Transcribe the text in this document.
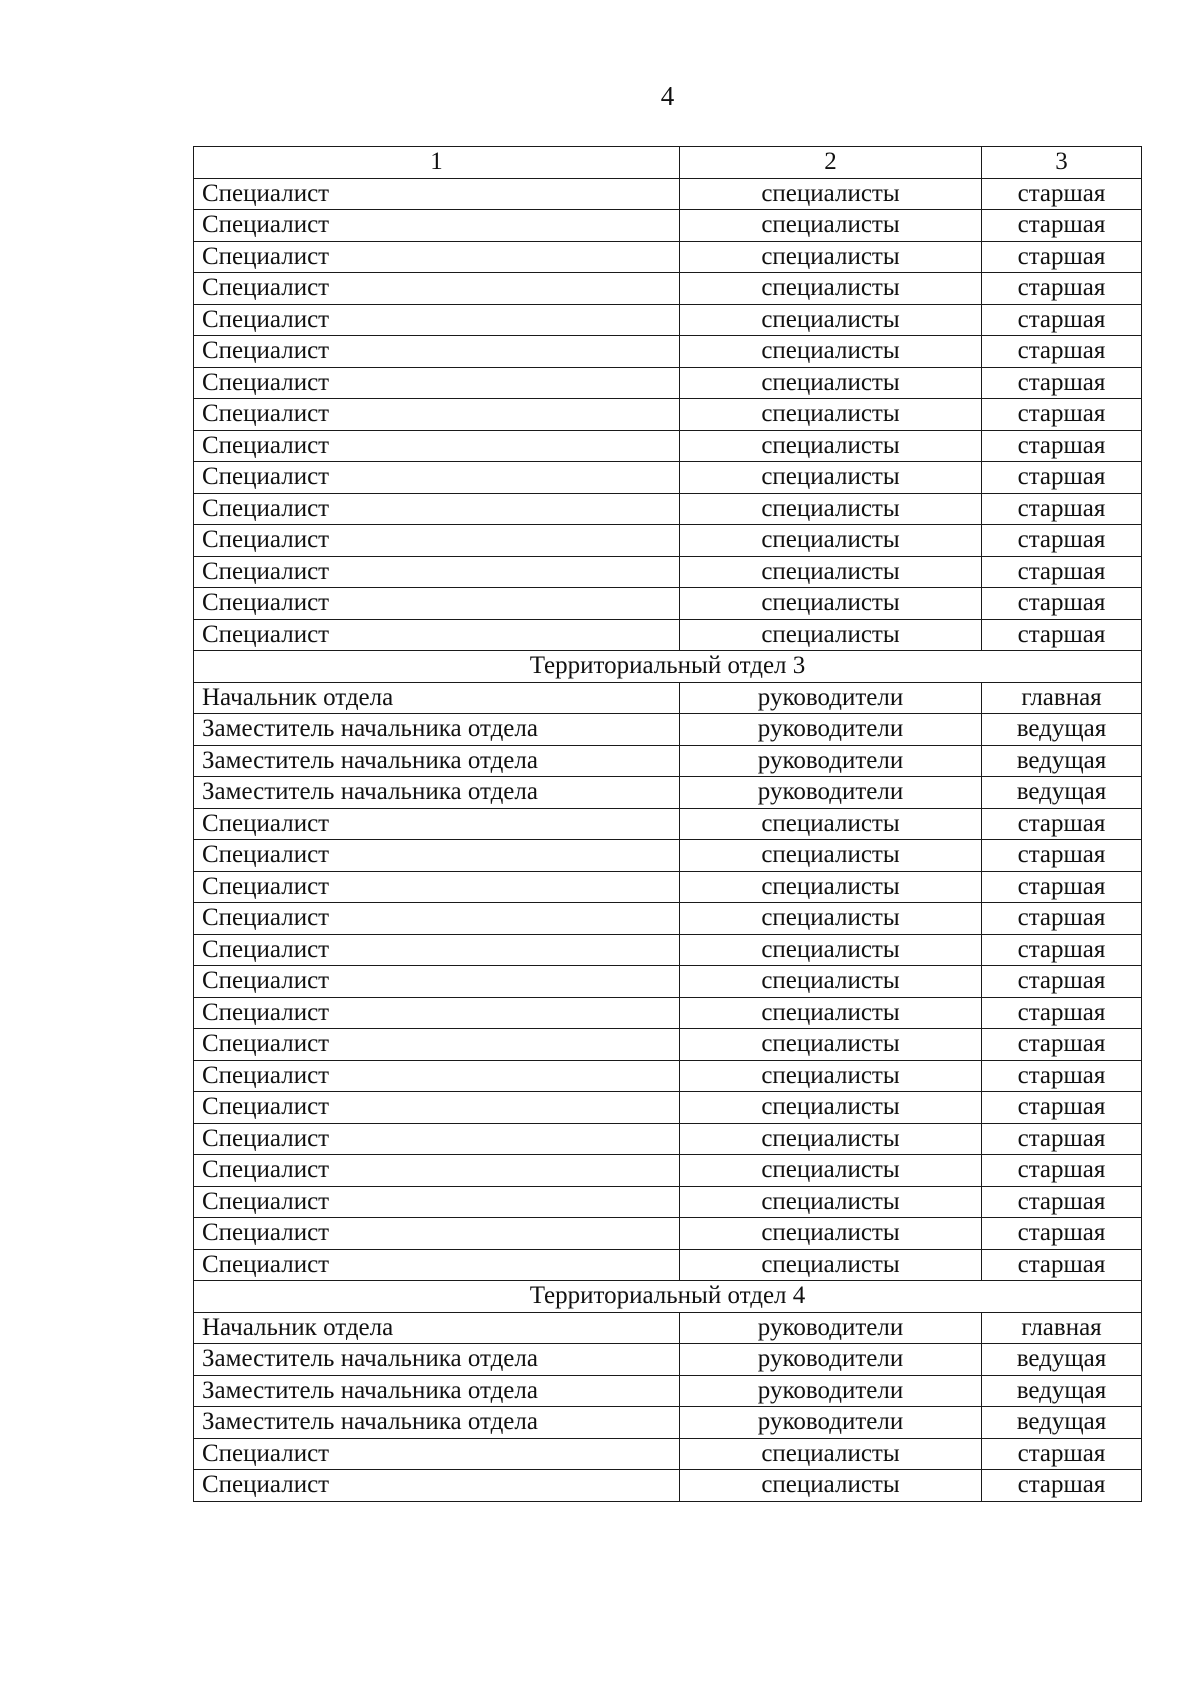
4
1	2	3
Специалист	специалисты	старшая
Специалист	специалисты	старшая
Специалист	специалисты	старшая
Специалист	специалисты	старшая
Специалист	специалисты	старшая
Специалист	специалисты	старшая
Специалист	специалисты	старшая
Специалист	специалисты	старшая
Специалист	специалисты	старшая
Специалист	специалисты	старшая
Специалист	специалисты	старшая
Специалист	специалисты	старшая
Специалист	специалисты	старшая
Специалист	специалисты	старшая
Специалист	специалисты	старшая
Территориальный отдел 3		
Начальник отдела	руководители	главная
Заместитель начальника отдела	руководители	ведущая
Заместитель начальника отдела	руководители	ведущая
Заместитель начальника отдела	руководители	ведущая
Специалист	специалисты	старшая
Специалист	специалисты	старшая
Специалист	специалисты	старшая
Специалист	специалисты	старшая
Специалист	специалисты	старшая
Специалист	специалисты	старшая
Специалист	специалисты	старшая
Специалист	специалисты	старшая
Специалист	специалисты	старшая
Специалист	специалисты	старшая
Специалист	специалисты	старшая
Специалист	специалисты	старшая
Специалист	специалисты	старшая
Специалист	специалисты	старшая
Специалист	специалисты	старшая
Территориальный отдел 4		
Начальник отдела	руководители	главная
Заместитель начальника отдела	руководители	ведущая
Заместитель начальника отдела	руководители	ведущая
Заместитель начальника отдела	руководители	ведущая
Специалист	специалисты	старшая
Специалист	специалисты	старшая
